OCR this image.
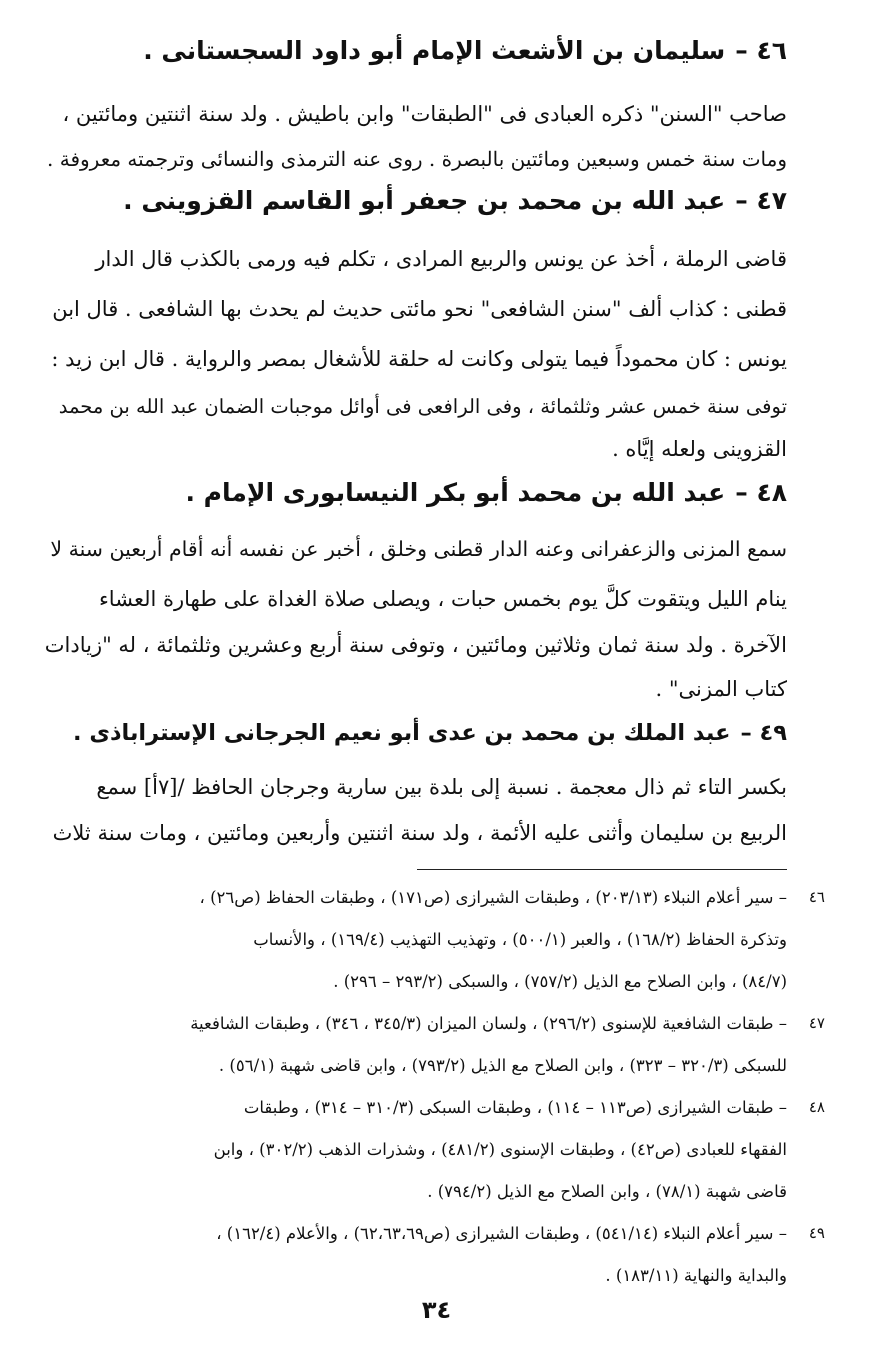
٤٦ –سليمان بن الأشعث الإمام أبو داود السجستانى .
صاحب "السنن" ذكره العبادى فى "الطبقات" وابن باطيش . ولد سنة اثنتين ومائتين ،
ومات سنة خمس وسبعين ومائتين بالبصرة . روى عنه الترمذى والنسائى وترجمته معروفة .
٤٧ –عبد الله بن محمد بن جعفر أبو القاسم القزوينى .
قاضى الرملة ، أخذ عن يونس والربيع المرادى ، تكلم فيه ورمى بالكذب قال الدار
قطنى : كذاب ألف "سنن الشافعى" نحو مائتى حديث لم يحدث بها الشافعى . قال ابن
يونس : كان محموداً فيما يتولى وكانت له حلقة للأشغال بمصر والرواية . قال ابن زيد :
توفى سنة خمس عشر وثلثمائة ، وفى الرافعى فى أوائل موجبات الضمان عبد الله بن محمد
القزوينى ولعله إيَّاه .
٤٨ –عبد الله بن محمد أبو بكر النيسابورى الإمام .
سمع المزنى والزعفرانى وعنه الدار قطنى وخلق ، أخبر عن نفسه أنه أقام أربعين سنة لا
ينام الليل ويتقوت كلَّ يوم بخمس حبات ، ويصلى صلاة الغداة على طهارة العشاء
الآخرة . ولد سنة ثمان وثلاثين ومائتين ، وتوفى سنة أربع وعشرين وثلثمائة ، له "زيادات
كتاب المزنى" .
٤٩ –عبد الملك بن محمد بن عدى أبو نعيم الجرجانى الإستراباذى .
بكسر التاء ثم ذال معجمة . نسبة إلى بلدة بين سارية وجرجان الحافظ /[٧أ] سمع
الربيع بن سليمان وأثنى عليه الأئمة ، ولد سنة اثنتين وأربعين ومائتين ، ومات سنة ثلاث
٤٦
– سير أعلام النبلاء (٢٠٣/١٣) ، وطبقات الشيرازى (ص١٧١) ، وطبقات الحفاظ (ص٢٦) ،
وتذكرة الحفاظ (١٦٨/٢) ، والعبر (٥٠٠/١) ، وتهذيب التهذيب (١٦٩/٤) ، والأنساب
(٨٤/٧) ، وابن الصلاح مع الذيل (٧٥٧/٢) ، والسبكى (٢٩٣/٢ – ٢٩٦) .
٤٧
– طبقات الشافعية للإسنوى (٢٩٦/٢) ، ولسان الميزان (٣٤٥/٣ ، ٣٤٦) ، وطبقات الشافعية
للسبكى (٣٢٠/٣ – ٣٢٣) ، وابن الصلاح مع الذيل (٧٩٣/٢) ، وابن قاضى شهبة (٥٦/١) .
٤٨
– طبقات الشيرازى (ص١١٣ – ١١٤) ، وطبقات السبكى (٣١٠/٣ – ٣١٤) ، وطبقات
الفقهاء للعبادى (ص٤٢) ، وطبقات الإسنوى (٤٨١/٢) ، وشذرات الذهب (٣٠٢/٢) ، وابن
قاضى شهبة (٧٨/١) ، وابن الصلاح مع الذيل (٧٩٤/٢) .
٤٩
– سير أعلام النبلاء (٥٤١/١٤) ، وطبقات الشيرازى (ص٦٢،٦٣،٦٩) ، والأعلام (١٦٢/٤) ،
والبداية والنهاية (١٨٣/١١) .
٣٤
